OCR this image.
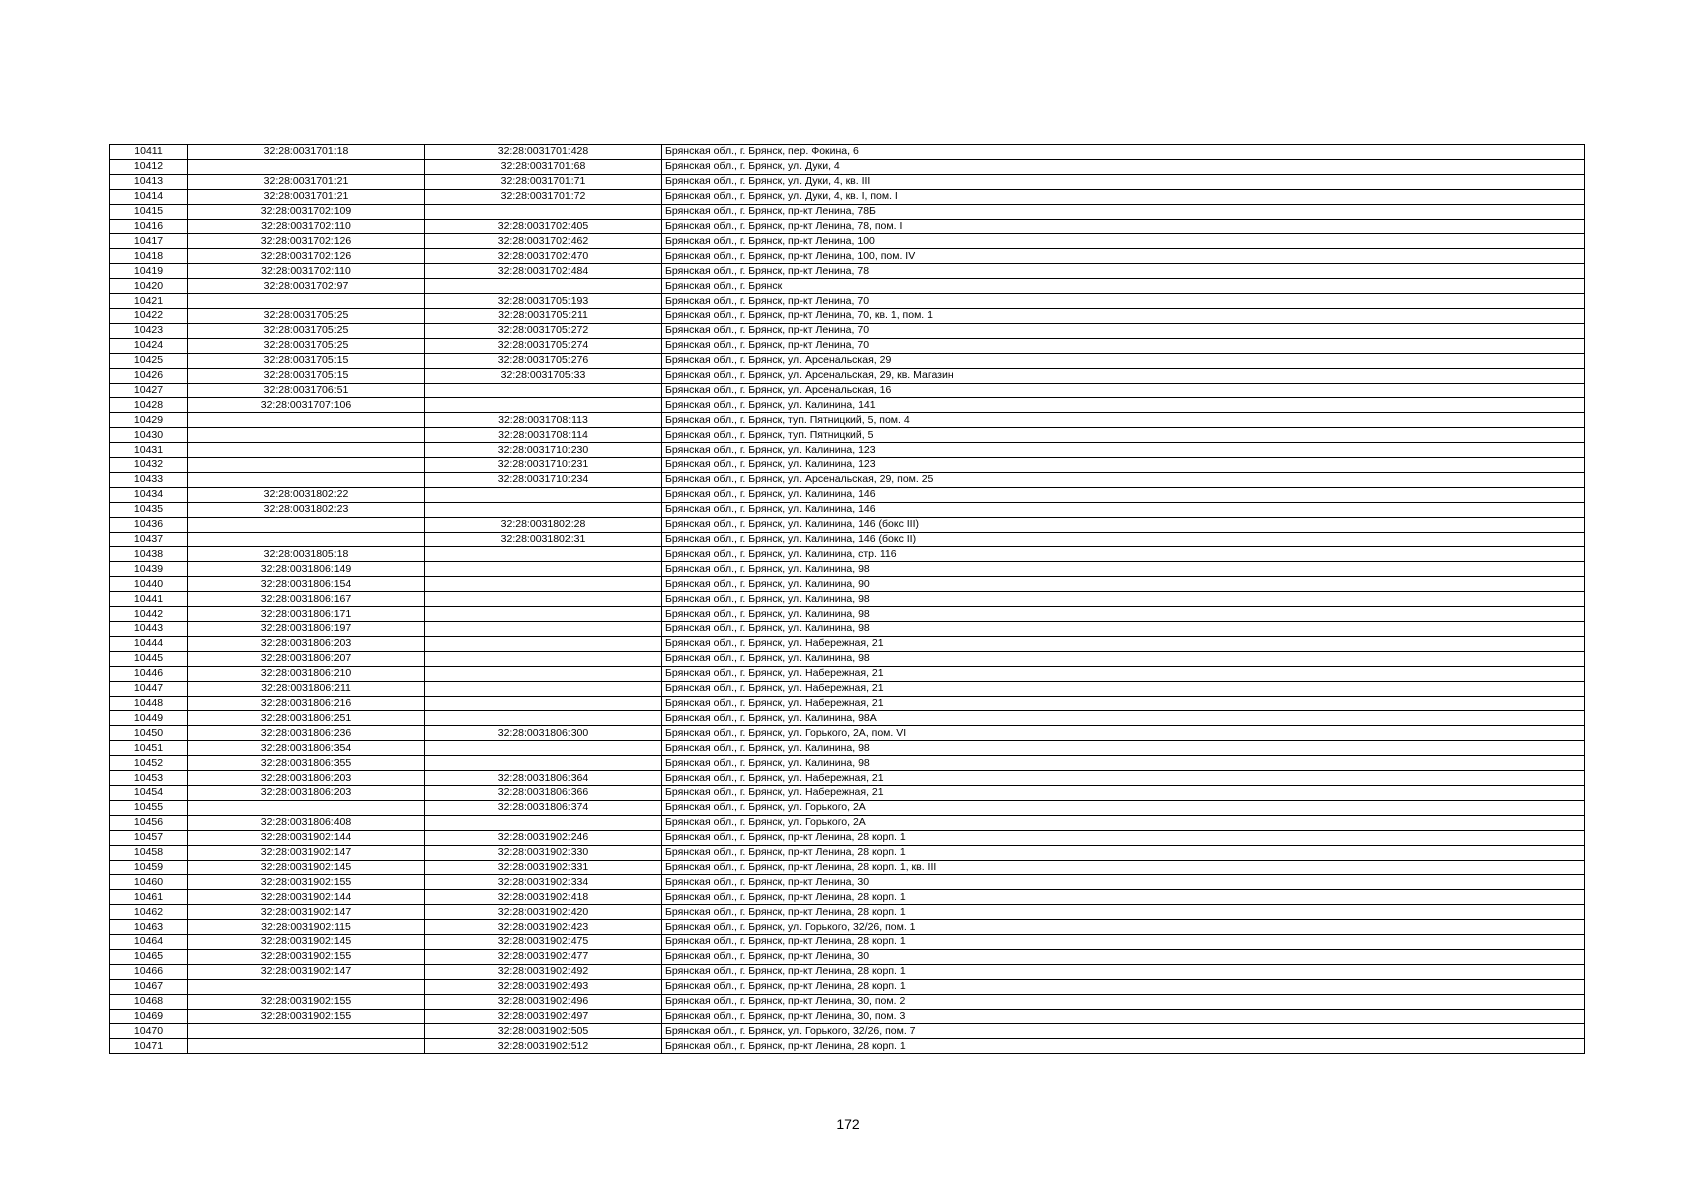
10411	32:28:0031701:18	32:28:0031701:428	Брянская обл., г. Брянск, пер. Фокина, 6
10412		32:28:0031701:68	Брянская обл., г. Брянск, ул. Дуки, 4
10413	32:28:0031701:21	32:28:0031701:71	Брянская обл., г. Брянск, ул. Дуки, 4, кв. III
10414	32:28:0031701:21	32:28:0031701:72	Брянская обл., г. Брянск, ул. Дуки, 4, кв. I, пом. I
10415	32:28:0031702:109		Брянская обл., г. Брянск, пр-кт Ленина, 78Б
10416	32:28:0031702:110	32:28:0031702:405	Брянская обл., г. Брянск, пр-кт Ленина, 78, пом. I
10417	32:28:0031702:126	32:28:0031702:462	Брянская обл., г. Брянск, пр-кт Ленина, 100
10418	32:28:0031702:126	32:28:0031702:470	Брянская обл., г. Брянск, пр-кт Ленина, 100, пом. IV
10419	32:28:0031702:110	32:28:0031702:484	Брянская обл., г. Брянск, пр-кт Ленина, 78
10420	32:28:0031702:97		Брянская обл., г. Брянск
10421		32:28:0031705:193	Брянская обл., г. Брянск, пр-кт Ленина, 70
10422	32:28:0031705:25	32:28:0031705:211	Брянская обл., г. Брянск, пр-кт Ленина, 70, кв. 1, пом. 1
10423	32:28:0031705:25	32:28:0031705:272	Брянская обл., г. Брянск, пр-кт Ленина, 70
10424	32:28:0031705:25	32:28:0031705:274	Брянская обл., г. Брянск, пр-кт Ленина, 70
10425	32:28:0031705:15	32:28:0031705:276	Брянская обл., г. Брянск, ул. Арсенальская, 29
10426	32:28:0031705:15	32:28:0031705:33	Брянская обл., г. Брянск, ул. Арсенальская, 29, кв. Магазин
10427	32:28:0031706:51		Брянская обл., г. Брянск, ул. Арсенальская, 16
10428	32:28:0031707:106		Брянская обл., г. Брянск, ул. Калинина, 141
10429		32:28:0031708:113	Брянская обл., г. Брянск, туп. Пятницкий, 5, пом. 4
10430		32:28:0031708:114	Брянская обл., г. Брянск, туп. Пятницкий, 5
10431		32:28:0031710:230	Брянская обл., г. Брянск, ул. Калинина, 123
10432		32:28:0031710:231	Брянская обл., г. Брянск, ул. Калинина, 123
10433		32:28:0031710:234	Брянская обл., г. Брянск, ул. Арсенальская, 29, пом. 25
10434	32:28:0031802:22		Брянская обл., г. Брянск, ул. Калинина, 146
10435	32:28:0031802:23		Брянская обл., г. Брянск, ул. Калинина, 146
10436		32:28:0031802:28	Брянская обл., г. Брянск, ул. Калинина, 146 (бокс III)
10437		32:28:0031802:31	Брянская обл., г. Брянск, ул. Калинина, 146 (бокс II)
10438	32:28:0031805:18		Брянская обл., г. Брянск, ул. Калинина, стр. 116
10439	32:28:0031806:149		Брянская обл., г. Брянск, ул. Калинина, 98
10440	32:28:0031806:154		Брянская обл., г. Брянск, ул. Калинина, 90
10441	32:28:0031806:167		Брянская обл., г. Брянск, ул. Калинина, 98
10442	32:28:0031806:171		Брянская обл., г. Брянск, ул. Калинина, 98
10443	32:28:0031806:197		Брянская обл., г. Брянск, ул. Калинина, 98
10444	32:28:0031806:203		Брянская обл., г. Брянск, ул. Набережная, 21
10445	32:28:0031806:207		Брянская обл., г. Брянск, ул. Калинина, 98
10446	32:28:0031806:210		Брянская обл., г. Брянск, ул. Набережная, 21
10447	32:28:0031806:211		Брянская обл., г. Брянск, ул. Набережная, 21
10448	32:28:0031806:216		Брянская обл., г. Брянск, ул. Набережная, 21
10449	32:28:0031806:251		Брянская обл., г. Брянск, ул. Калинина, 98А
10450	32:28:0031806:236	32:28:0031806:300	Брянская обл., г. Брянск, ул. Горького, 2А, пом. VI
10451	32:28:0031806:354		Брянская обл., г. Брянск, ул. Калинина, 98
10452	32:28:0031806:355		Брянская обл., г. Брянск, ул. Калинина, 98
10453	32:28:0031806:203	32:28:0031806:364	Брянская обл., г. Брянск, ул. Набережная, 21
10454	32:28:0031806:203	32:28:0031806:366	Брянская обл., г. Брянск, ул. Набережная, 21
10455		32:28:0031806:374	Брянская обл., г. Брянск, ул. Горького, 2А
10456	32:28:0031806:408		Брянская обл., г. Брянск, ул. Горького, 2А
10457	32:28:0031902:144	32:28:0031902:246	Брянская обл., г. Брянск, пр-кт Ленина, 28 корп. 1
10458	32:28:0031902:147	32:28:0031902:330	Брянская обл., г. Брянск, пр-кт Ленина, 28 корп. 1
10459	32:28:0031902:145	32:28:0031902:331	Брянская обл., г. Брянск, пр-кт Ленина, 28 корп. 1, кв. III
10460	32:28:0031902:155	32:28:0031902:334	Брянская обл., г. Брянск, пр-кт Ленина, 30
10461	32:28:0031902:144	32:28:0031902:418	Брянская обл., г. Брянск, пр-кт Ленина, 28 корп. 1
10462	32:28:0031902:147	32:28:0031902:420	Брянская обл., г. Брянск, пр-кт Ленина, 28 корп. 1
10463	32:28:0031902:115	32:28:0031902:423	Брянская обл., г. Брянск, ул. Горького, 32/26, пом. 1
10464	32:28:0031902:145	32:28:0031902:475	Брянская обл., г. Брянск, пр-кт Ленина, 28 корп. 1
10465	32:28:0031902:155	32:28:0031902:477	Брянская обл., г. Брянск, пр-кт Ленина, 30
10466	32:28:0031902:147	32:28:0031902:492	Брянская обл., г. Брянск, пр-кт Ленина, 28 корп. 1
10467		32:28:0031902:493	Брянская обл., г. Брянск, пр-кт Ленина, 28 корп. 1
10468	32:28:0031902:155	32:28:0031902:496	Брянская обл., г. Брянск, пр-кт Ленина, 30, пом. 2
10469	32:28:0031902:155	32:28:0031902:497	Брянская обл., г. Брянск, пр-кт Ленина, 30, пом. 3
10470		32:28:0031902:505	Брянская обл., г. Брянск, ул. Горького, 32/26, пом. 7
10471		32:28:0031902:512	Брянская обл., г. Брянск, пр-кт Ленина, 28 корп. 1
172
